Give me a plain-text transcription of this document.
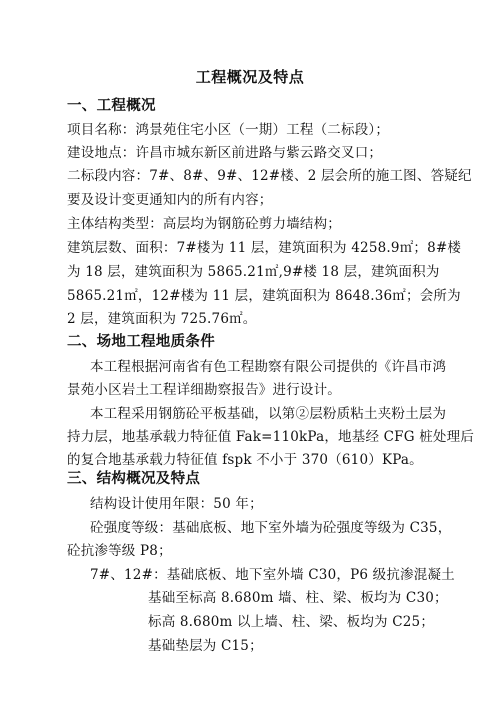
工程概况及特点
一、工程概况
项目名称：鸿景苑住宅小区（一期）工程（二标段）；
建设地点：许昌市城东新区前进路与紫云路交叉口；
二标段内容：7#、8#、9#、12#楼、2 层会所的施工图、答疑纪
要及设计变更通知内的所有内容；
主体结构类型：高层均为钢筋砼剪力墙结构；
建筑层数、面积：7#楼为 11 层，建筑面积为 4258.9㎡；8#楼
为 18 层，建筑面积为 5865.21㎡,9#楼 18 层，建筑面积为
5865.21㎡，12#楼为 11 层，建筑面积为 8648.36㎡；会所为
2 层，建筑面积为 725.76㎡。
二、场地工程地质条件
本工程根据河南省有色工程勘察有限公司提供的《许昌市鸿
景苑小区岩土工程详细勘察报告》进行设计。
本工程采用钢筋砼平板基础，以第②层粉质粘土夹粉土层为
持力层，地基承载力特征值 Fak=110kPa，地基经 CFG 桩处理后
的复合地基承载力特征值 fspk 不小于 370（610）KPa。
三、结构概况及特点
结构设计使用年限：50 年；
砼强度等级：基础底板、地下室外墙为砼强度等级为 C35，
砼抗渗等级 P8；
7#、12#：基础底板、地下室外墙 C30，P6 级抗渗混凝土
基础至标高 8.680m 墙、柱、梁、板均为 C30；
标高 8.680m 以上墙、柱、梁、板均为 C25；
基础垫层为 C15；
